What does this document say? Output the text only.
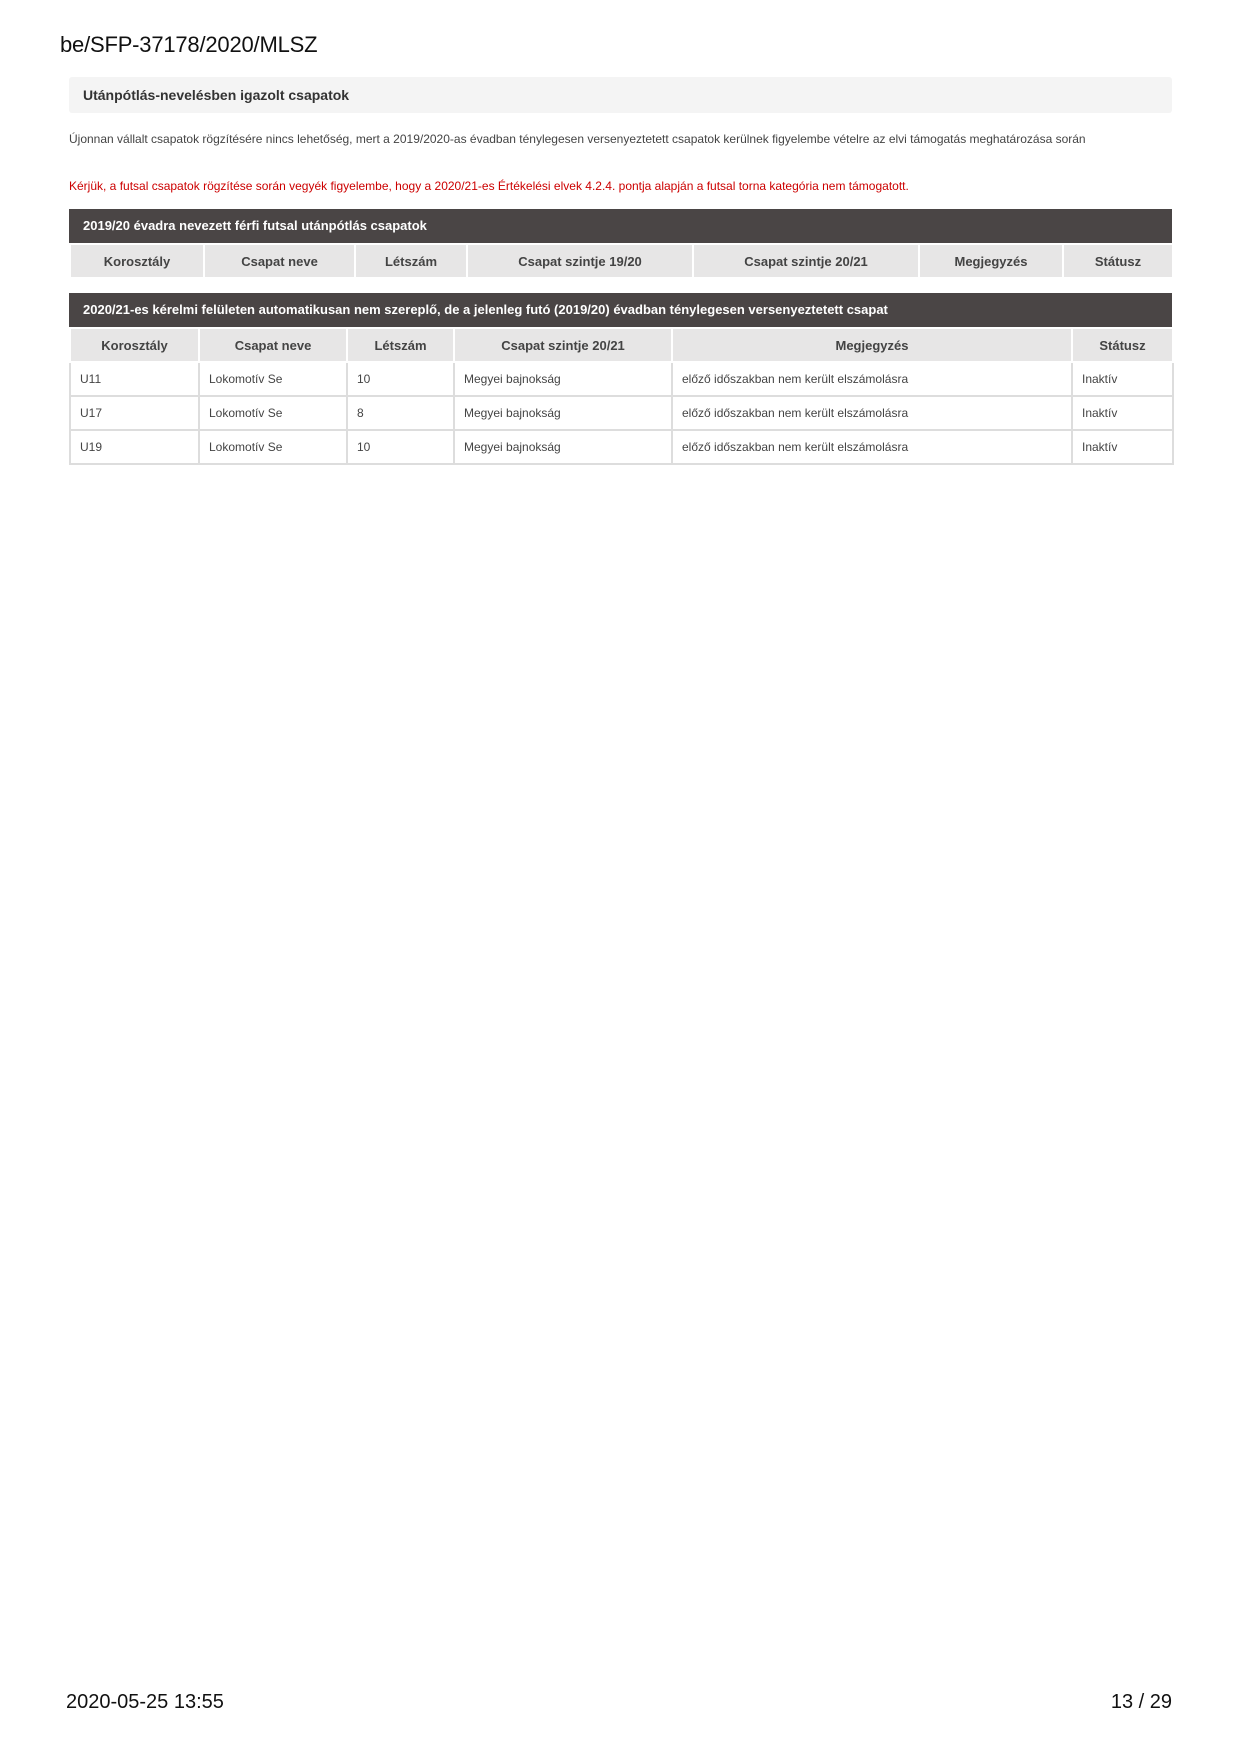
be/SFP-37178/2020/MLSZ
Utánpótlás-nevelésben igazolt csapatok
Újonnan vállalt csapatok rögzítésére nincs lehetőség, mert a 2019/2020-as évadban ténylegesen versenyeztetett csapatok kerülnek figyelembe vételre az elvi támogatás meghatározása során
Kérjük, a futsal csapatok rögzítése során vegyék figyelembe, hogy a 2020/21-es Értékelési elvek 4.2.4. pontja alapján a futsal torna kategória nem támogatott.
2019/20 évadra nevezett férfi futsal utánpótlás csapatok
Korosztály	Csapat neve	Létszám	Csapat szintje 19/20	Csapat szintje 20/21	Megjegyzés	Státusz
2020/21-es kérelmi felületen automatikusan nem szereplő, de a jelenleg futó (2019/20) évadban ténylegesen versenyeztetett csapat
Korosztály	Csapat neve	Létszám	Csapat szintje 20/21	Megjegyzés	Státusz
U11	Lokomotív Se	10	Megyei bajnokság	előző időszakban nem került elszámolásra	Inaktív
U17	Lokomotív Se	8	Megyei bajnokság	előző időszakban nem került elszámolásra	Inaktív
U19	Lokomotív Se	10	Megyei bajnokság	előző időszakban nem került elszámolásra	Inaktív
2020-05-25 13:55	13 / 29
